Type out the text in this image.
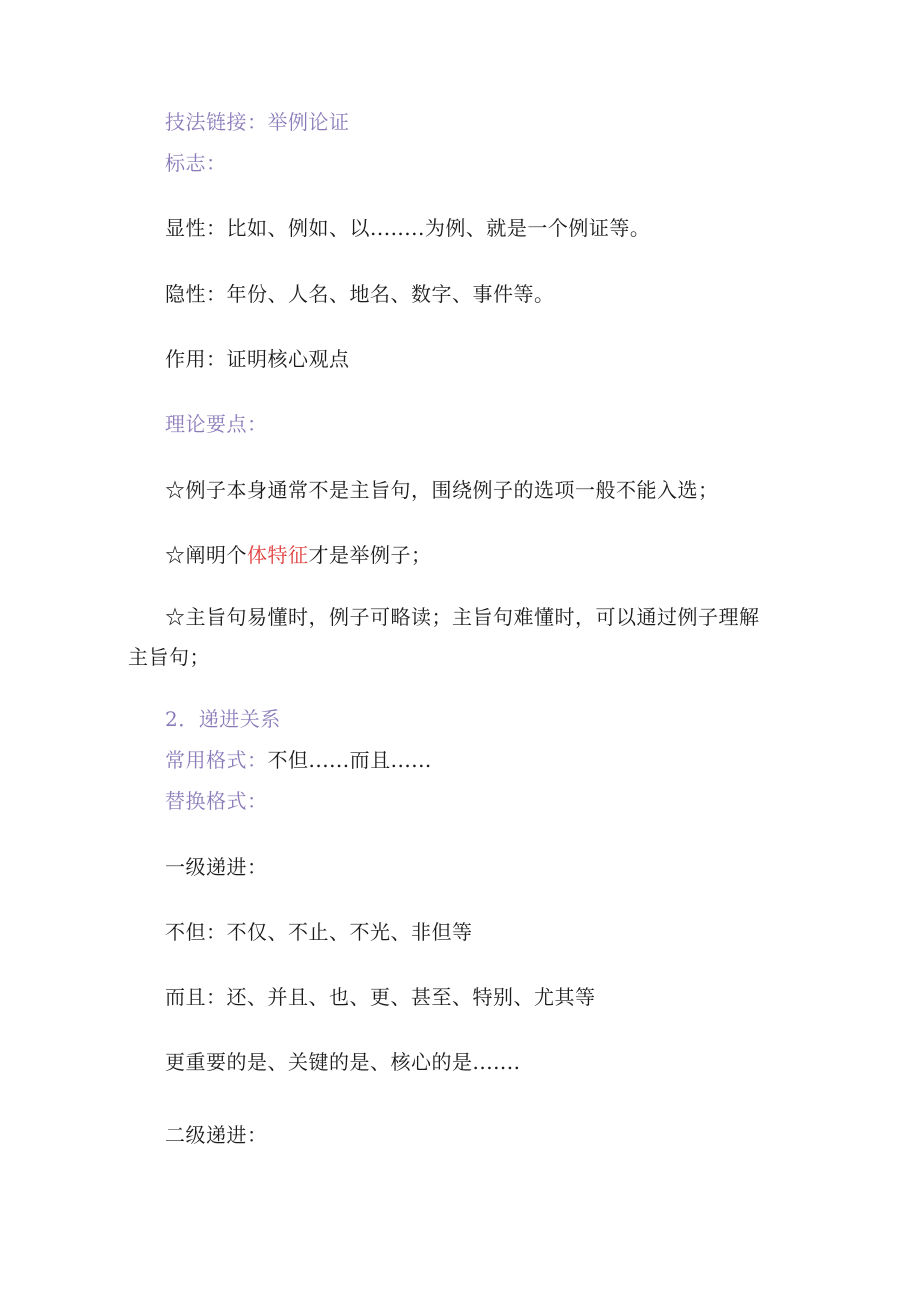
技法链接：举例论证
标志：
显性：比如、例如、以........为例、就是一个例证等。
隐性：年份、人名、地名、数字、事件等。
作用：证明核心观点
理论要点：
☆例子本身通常不是主旨句，围绕例子的选项一般不能入选；
☆阐明个体特征才是举例子；
☆主旨句易懂时，例子可略读；主旨句难懂时，可以通过例子理解主旨句；
2．递进关系
常用格式：不但......而且......
替换格式：
一级递进：
不但：不仅、不止、不光、非但等
而且：还、并且、也、更、甚至、特别、尤其等
更重要的是、关键的是、核心的是.......
二级递进：
